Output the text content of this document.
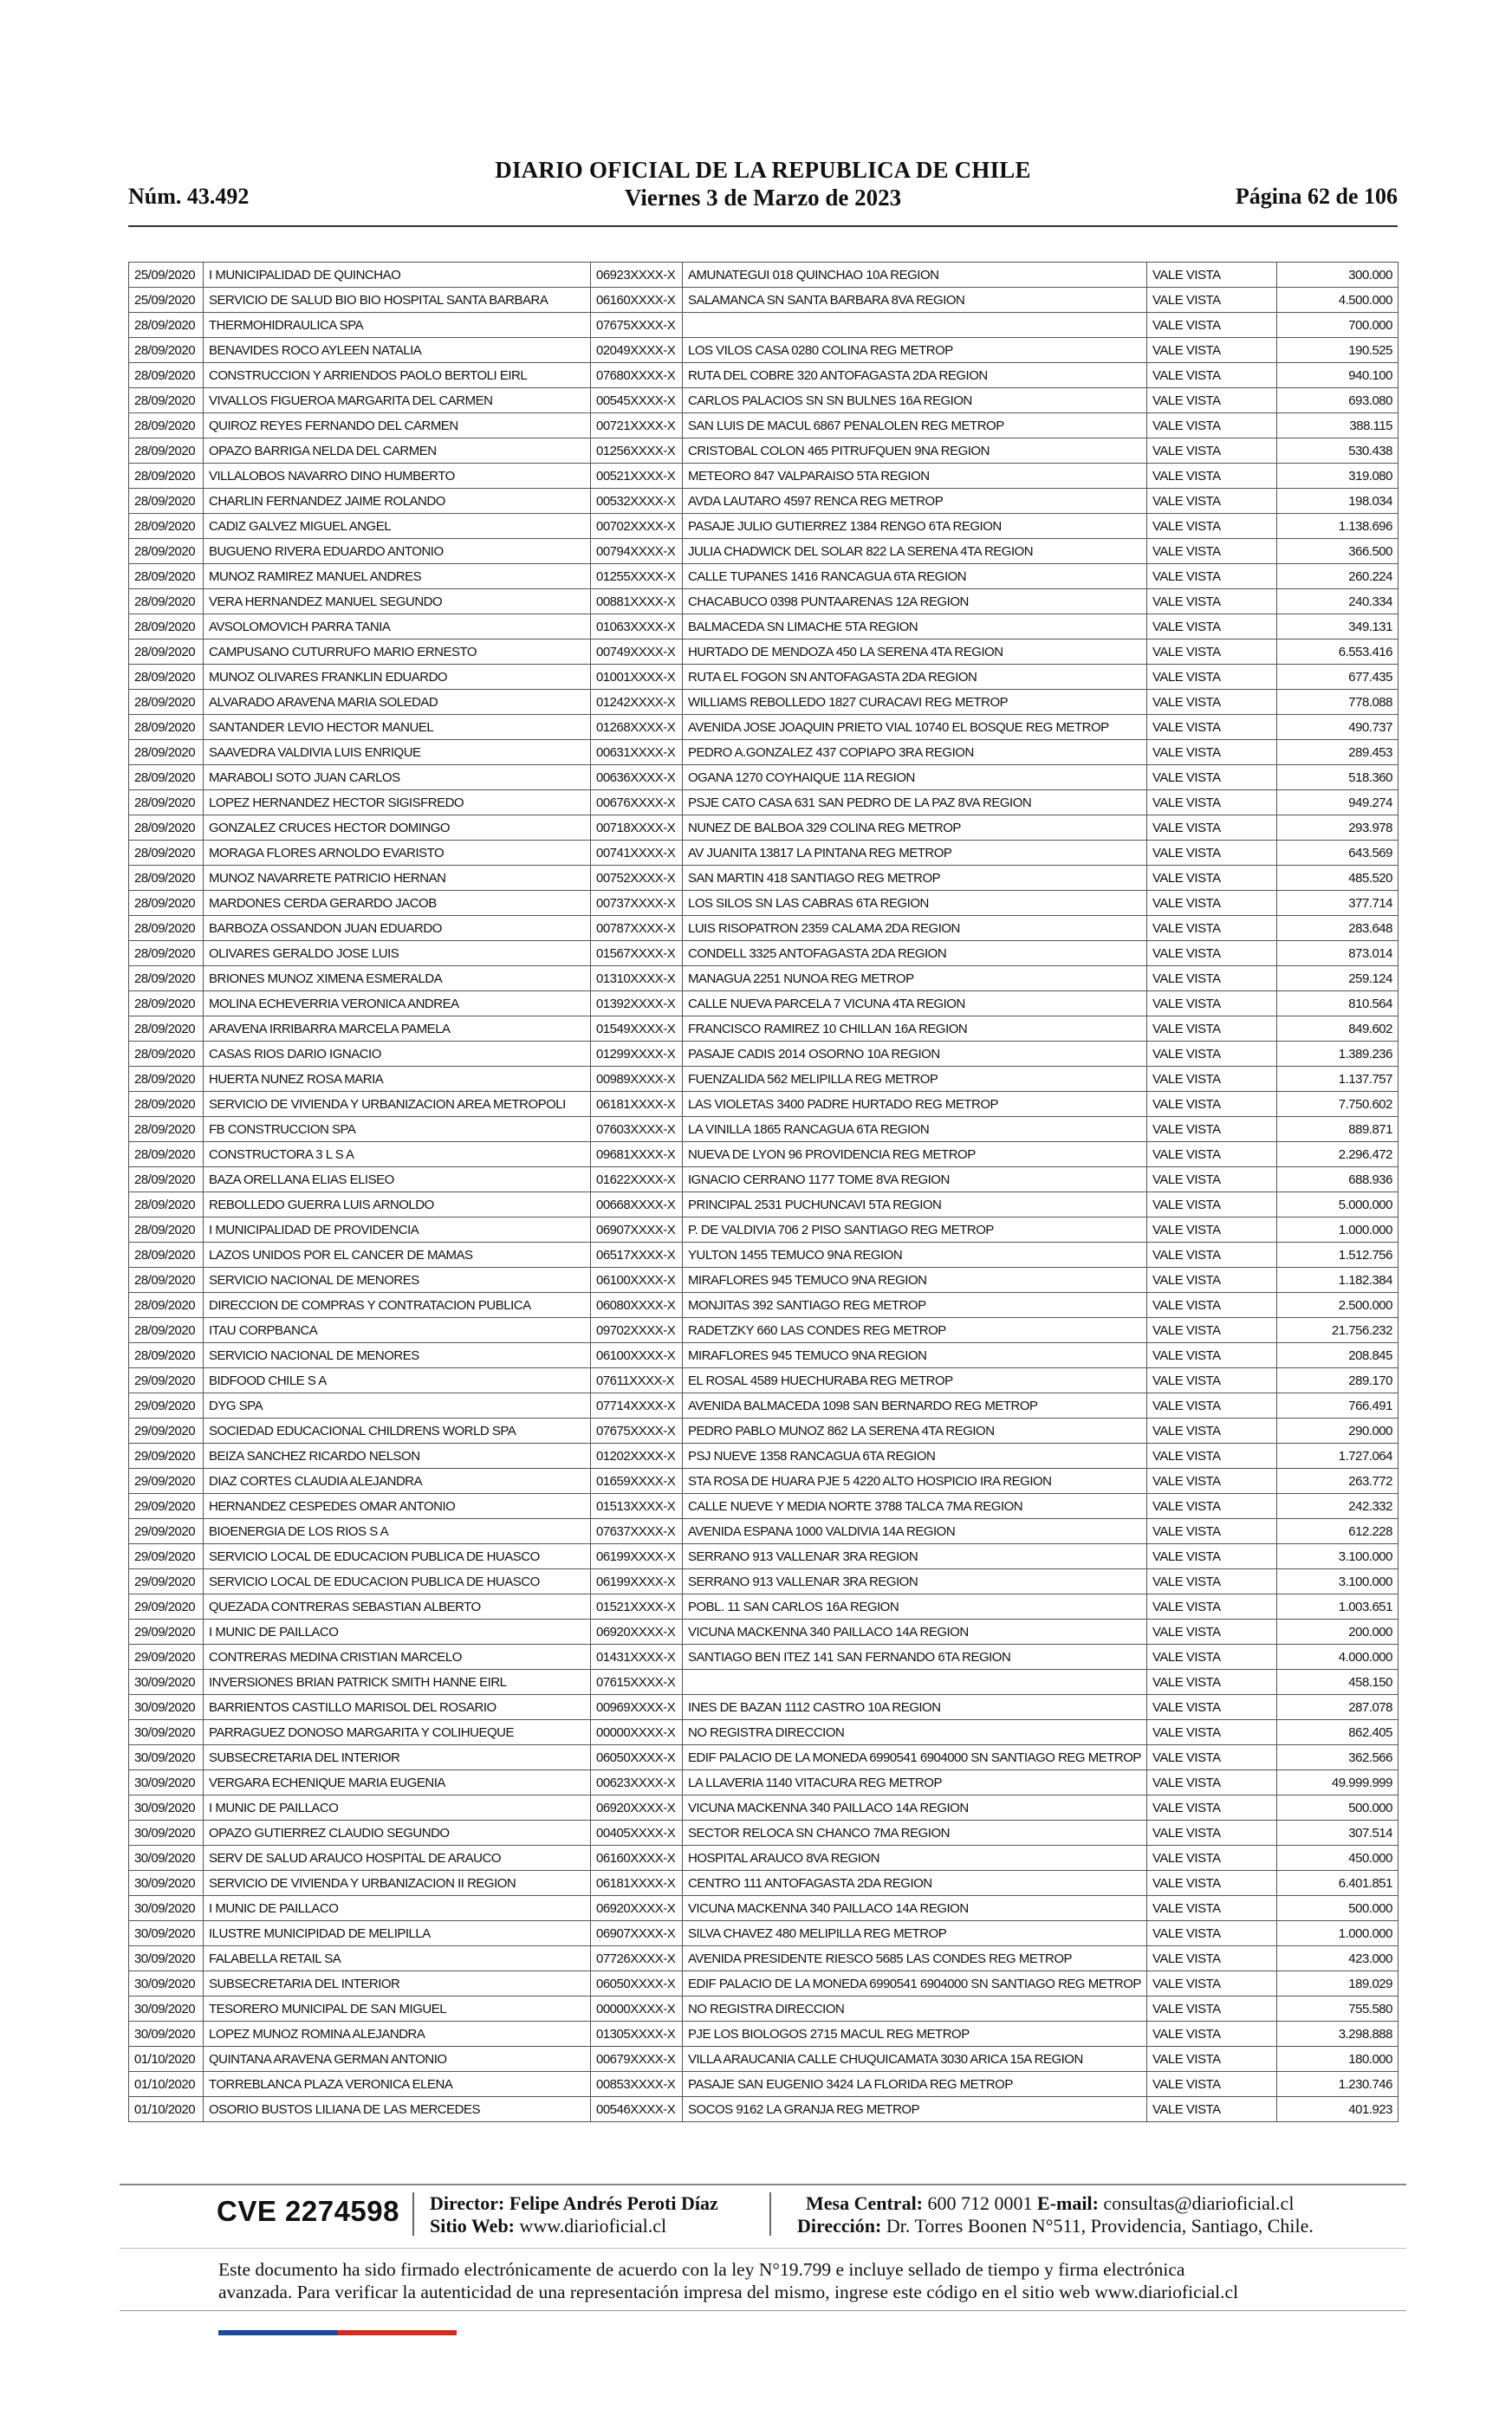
Núm. 43.492
DIARIO OFICIAL DE LA REPUBLICA DE CHILE
Viernes 3 de Marzo de 2023	Página 62 de 106
25/09/2020	I MUNICIPALIDAD DE QUINCHAO	06923XXXX-X	AMUNATEGUI 018 QUINCHAO 10A REGION	VALE VISTA	300.000
25/09/2020	SERVICIO DE SALUD BIO BIO HOSPITAL SANTA BARBARA	06160XXXX-X	SALAMANCA SN SANTA BARBARA 8VA REGION	VALE VISTA	4.500.000
28/09/2020	THERMOHIDRAULICA SPA	07675XXXX-X		VALE VISTA	700.000
28/09/2020	BENAVIDES ROCO AYLEEN NATALIA	02049XXXX-X	LOS VILOS CASA 0280 COLINA REG METROP	VALE VISTA	190.525
28/09/2020	CONSTRUCCION Y ARRIENDOS PAOLO BERTOLI EIRL	07680XXXX-X	RUTA DEL COBRE 320 ANTOFAGASTA 2DA REGION	VALE VISTA	940.100
28/09/2020	VIVALLOS FIGUEROA MARGARITA DEL CARMEN	00545XXXX-X	CARLOS PALACIOS SN SN BULNES 16A REGION	VALE VISTA	693.080
28/09/2020	QUIROZ REYES FERNANDO DEL CARMEN	00721XXXX-X	SAN LUIS DE MACUL 6867 PENALOLEN REG METROP	VALE VISTA	388.115
28/09/2020	OPAZO BARRIGA NELDA DEL CARMEN	01256XXXX-X	CRISTOBAL COLON 465 PITRUFQUEN 9NA REGION	VALE VISTA	530.438
28/09/2020	VILLALOBOS NAVARRO DINO HUMBERTO	00521XXXX-X	METEORO 847 VALPARAISO 5TA REGION	VALE VISTA	319.080
28/09/2020	CHARLIN FERNANDEZ JAIME ROLANDO	00532XXXX-X	AVDA LAUTARO 4597 RENCA REG METROP	VALE VISTA	198.034
28/09/2020	CADIZ GALVEZ MIGUEL ANGEL	00702XXXX-X	PASAJE JULIO GUTIERREZ 1384 RENGO 6TA REGION	VALE VISTA	1.138.696
28/09/2020	BUGUENO RIVERA EDUARDO ANTONIO	00794XXXX-X	JULIA CHADWICK DEL SOLAR 822 LA SERENA 4TA REGION	VALE VISTA	366.500
28/09/2020	MUNOZ RAMIREZ MANUEL ANDRES	01255XXXX-X	CALLE TUPANES 1416 RANCAGUA 6TA REGION	VALE VISTA	260.224
28/09/2020	VERA HERNANDEZ MANUEL SEGUNDO	00881XXXX-X	CHACABUCO 0398 PUNTAARENAS 12A REGION	VALE VISTA	240.334
28/09/2020	AVSOLOMOVICH PARRA TANIA	01063XXXX-X	BALMACEDA SN LIMACHE 5TA REGION	VALE VISTA	349.131
28/09/2020	CAMPUSANO CUTURRUFO MARIO ERNESTO	00749XXXX-X	HURTADO DE MENDOZA 450 LA SERENA 4TA REGION	VALE VISTA	6.553.416
28/09/2020	MUNOZ OLIVARES FRANKLIN EDUARDO	01001XXXX-X	RUTA EL FOGON SN ANTOFAGASTA 2DA REGION	VALE VISTA	677.435
28/09/2020	ALVARADO ARAVENA MARIA SOLEDAD	01242XXXX-X	WILLIAMS REBOLLEDO 1827 CURACAVI REG METROP	VALE VISTA	778.088
28/09/2020	SANTANDER LEVIO HECTOR MANUEL	01268XXXX-X	AVENIDA JOSE JOAQUIN PRIETO VIAL 10740 EL BOSQUE REG METROP	VALE VISTA	490.737
28/09/2020	SAAVEDRA VALDIVIA LUIS ENRIQUE	00631XXXX-X	PEDRO A.GONZALEZ 437 COPIAPO 3RA REGION	VALE VISTA	289.453
28/09/2020	MARABOLI SOTO JUAN CARLOS	00636XXXX-X	OGANA 1270 COYHAIQUE 11A REGION	VALE VISTA	518.360
28/09/2020	LOPEZ HERNANDEZ HECTOR SIGISFREDO	00676XXXX-X	PSJE CATO CASA 631 SAN PEDRO DE LA PAZ 8VA REGION	VALE VISTA	949.274
28/09/2020	GONZALEZ CRUCES HECTOR DOMINGO	00718XXXX-X	NUNEZ DE BALBOA 329 COLINA REG METROP	VALE VISTA	293.978
28/09/2020	MORAGA FLORES ARNOLDO EVARISTO	00741XXXX-X	AV JUANITA 13817 LA PINTANA REG METROP	VALE VISTA	643.569
28/09/2020	MUNOZ NAVARRETE PATRICIO HERNAN	00752XXXX-X	SAN MARTIN 418 SANTIAGO REG METROP	VALE VISTA	485.520
28/09/2020	MARDONES CERDA GERARDO JACOB	00737XXXX-X	LOS SILOS SN LAS CABRAS 6TA REGION	VALE VISTA	377.714
28/09/2020	BARBOZA OSSANDON JUAN EDUARDO	00787XXXX-X	LUIS RISOPATRON 2359 CALAMA 2DA REGION	VALE VISTA	283.648
28/09/2020	OLIVARES GERALDO JOSE LUIS	01567XXXX-X	CONDELL 3325 ANTOFAGASTA 2DA REGION	VALE VISTA	873.014
28/09/2020	BRIONES MUNOZ XIMENA ESMERALDA	01310XXXX-X	MANAGUA 2251 NUNOA REG METROP	VALE VISTA	259.124
28/09/2020	MOLINA ECHEVERRIA VERONICA ANDREA	01392XXXX-X	CALLE NUEVA PARCELA 7 VICUNA 4TA REGION	VALE VISTA	810.564
28/09/2020	ARAVENA IRRIBARRA MARCELA PAMELA	01549XXXX-X	FRANCISCO RAMIREZ 10 CHILLAN 16A REGION	VALE VISTA	849.602
28/09/2020	CASAS RIOS DARIO IGNACIO	01299XXXX-X	PASAJE CADIS 2014 OSORNO 10A REGION	VALE VISTA	1.389.236
28/09/2020	HUERTA NUNEZ ROSA MARIA	00989XXXX-X	FUENZALIDA 562 MELIPILLA REG METROP	VALE VISTA	1.137.757
28/09/2020	SERVICIO DE VIVIENDA Y URBANIZACION AREA METROPOLI	06181XXXX-X	LAS VIOLETAS 3400 PADRE HURTADO REG METROP	VALE VISTA	7.750.602
28/09/2020	FB CONSTRUCCION SPA	07603XXXX-X	LA VINILLA 1865 RANCAGUA 6TA REGION	VALE VISTA	889.871
28/09/2020	CONSTRUCTORA 3 L S A	09681XXXX-X	NUEVA DE LYON 96 PROVIDENCIA REG METROP	VALE VISTA	2.296.472
28/09/2020	BAZA ORELLANA ELIAS ELISEO	01622XXXX-X	IGNACIO CERRANO 1177 TOME 8VA REGION	VALE VISTA	688.936
28/09/2020	REBOLLEDO GUERRA LUIS ARNOLDO	00668XXXX-X	PRINCIPAL 2531 PUCHUNCAVI 5TA REGION	VALE VISTA	5.000.000
28/09/2020	I MUNICIPALIDAD DE PROVIDENCIA	06907XXXX-X	P. DE VALDIVIA 706 2 PISO SANTIAGO REG METROP	VALE VISTA	1.000.000
28/09/2020	LAZOS UNIDOS POR EL CANCER DE MAMAS	06517XXXX-X	YULTON 1455 TEMUCO 9NA REGION	VALE VISTA	1.512.756
28/09/2020	SERVICIO NACIONAL DE MENORES	06100XXXX-X	MIRAFLORES 945 TEMUCO 9NA REGION	VALE VISTA	1.182.384
28/09/2020	DIRECCION DE COMPRAS Y CONTRATACION PUBLICA	06080XXXX-X	MONJITAS 392 SANTIAGO REG METROP	VALE VISTA	2.500.000
28/09/2020	ITAU CORPBANCA	09702XXXX-X	RADETZKY 660 LAS CONDES REG METROP	VALE VISTA	21.756.232
28/09/2020	SERVICIO NACIONAL DE MENORES	06100XXXX-X	MIRAFLORES 945 TEMUCO 9NA REGION	VALE VISTA	208.845
29/09/2020	BIDFOOD CHILE S A	07611XXXX-X	EL ROSAL 4589 HUECHURABA REG METROP	VALE VISTA	289.170
29/09/2020	DYG SPA	07714XXXX-X	AVENIDA BALMACEDA 1098 SAN BERNARDO REG METROP	VALE VISTA	766.491
29/09/2020	SOCIEDAD EDUCACIONAL CHILDRENS WORLD SPA	07675XXXX-X	PEDRO PABLO MUNOZ 862 LA SERENA 4TA REGION	VALE VISTA	290.000
29/09/2020	BEIZA SANCHEZ RICARDO NELSON	01202XXXX-X	PSJ NUEVE 1358 RANCAGUA 6TA REGION	VALE VISTA	1.727.064
29/09/2020	DIAZ CORTES CLAUDIA ALEJANDRA	01659XXXX-X	STA ROSA DE HUARA PJE 5 4220 ALTO HOSPICIO IRA REGION	VALE VISTA	263.772
29/09/2020	HERNANDEZ CESPEDES OMAR ANTONIO	01513XXXX-X	CALLE NUEVE Y MEDIA NORTE 3788 TALCA 7MA REGION	VALE VISTA	242.332
29/09/2020	BIOENERGIA DE LOS RIOS S A	07637XXXX-X	AVENIDA ESPANA 1000 VALDIVIA 14A REGION	VALE VISTA	612.228
29/09/2020	SERVICIO LOCAL DE EDUCACION PUBLICA DE HUASCO	06199XXXX-X	SERRANO 913 VALLENAR 3RA REGION	VALE VISTA	3.100.000
29/09/2020	SERVICIO LOCAL DE EDUCACION PUBLICA DE HUASCO	06199XXXX-X	SERRANO 913 VALLENAR 3RA REGION	VALE VISTA	3.100.000
29/09/2020	QUEZADA CONTRERAS SEBASTIAN ALBERTO	01521XXXX-X	POBL. 11 SAN CARLOS 16A REGION	VALE VISTA	1.003.651
29/09/2020	I MUNIC DE PAILLACO	06920XXXX-X	VICUNA MACKENNA 340 PAILLACO 14A REGION	VALE VISTA	200.000
29/09/2020	CONTRERAS MEDINA CRISTIAN MARCELO	01431XXXX-X	SANTIAGO BEN ITEZ 141 SAN FERNANDO 6TA REGION	VALE VISTA	4.000.000
30/09/2020	INVERSIONES BRIAN PATRICK SMITH HANNE EIRL	07615XXXX-X		VALE VISTA	458.150
30/09/2020	BARRIENTOS CASTILLO MARISOL DEL ROSARIO	00969XXXX-X	INES DE BAZAN 1112 CASTRO 10A REGION	VALE VISTA	287.078
30/09/2020	PARRAGUEZ DONOSO MARGARITA Y COLIHUEQUE	00000XXXX-X	NO REGISTRA DIRECCION	VALE VISTA	862.405
30/09/2020	SUBSECRETARIA DEL INTERIOR	06050XXXX-X	EDIF PALACIO DE LA MONEDA 6990541 6904000 SN SANTIAGO REG METROP	VALE VISTA	362.566
30/09/2020	VERGARA ECHENIQUE MARIA EUGENIA	00623XXXX-X	LA LLAVERIA 1140 VITACURA REG METROP	VALE VISTA	49.999.999
30/09/2020	I MUNIC DE PAILLACO	06920XXXX-X	VICUNA MACKENNA 340 PAILLACO 14A REGION	VALE VISTA	500.000
30/09/2020	OPAZO GUTIERREZ CLAUDIO SEGUNDO	00405XXXX-X	SECTOR RELOCA SN CHANCO 7MA REGION	VALE VISTA	307.514
30/09/2020	SERV DE SALUD ARAUCO HOSPITAL DE ARAUCO	06160XXXX-X	HOSPITAL ARAUCO 8VA REGION	VALE VISTA	450.000
30/09/2020	SERVICIO DE VIVIENDA Y URBANIZACION II REGION	06181XXXX-X	CENTRO 111 ANTOFAGASTA 2DA REGION	VALE VISTA	6.401.851
30/09/2020	I MUNIC DE PAILLACO	06920XXXX-X	VICUNA MACKENNA 340 PAILLACO 14A REGION	VALE VISTA	500.000
30/09/2020	ILUSTRE MUNICIPIDAD DE MELIPILLA	06907XXXX-X	SILVA CHAVEZ 480 MELIPILLA REG METROP	VALE VISTA	1.000.000
30/09/2020	FALABELLA RETAIL SA	07726XXXX-X	AVENIDA PRESIDENTE RIESCO 5685 LAS CONDES REG METROP	VALE VISTA	423.000
30/09/2020	SUBSECRETARIA DEL INTERIOR	06050XXXX-X	EDIF PALACIO DE LA MONEDA 6990541 6904000 SN SANTIAGO REG METROP	VALE VISTA	189.029
30/09/2020	TESORERO MUNICIPAL DE SAN MIGUEL	00000XXXX-X	NO REGISTRA DIRECCION	VALE VISTA	755.580
30/09/2020	LOPEZ MUNOZ ROMINA ALEJANDRA	01305XXXX-X	PJE LOS BIOLOGOS 2715 MACUL REG METROP	VALE VISTA	3.298.888
01/10/2020	QUINTANA ARAVENA GERMAN ANTONIO	00679XXXX-X	VILLA ARAUCANIA CALLE CHUQUICAMATA 3030 ARICA 15A REGION	VALE VISTA	180.000
01/10/2020	TORREBLANCA PLAZA VERONICA ELENA	00853XXXX-X	PASAJE SAN EUGENIO 3424 LA FLORIDA REG METROP	VALE VISTA	1.230.746
01/10/2020	OSORIO BUSTOS LILIANA DE LAS MERCEDES	00546XXXX-X	SOCOS 9162 LA GRANJA REG METROP	VALE VISTA	401.923
CVE 2274598 Director: Felipe Andrés Peroti Díaz
Sitio Web: www.diarioficial.cl
Mesa Central: 600 712 0001 E-mail: consultas@diarioficial.cl
Dirección: Dr. Torres Boonen N°511, Providencia, Santiago, Chile.
Este documento ha sido firmado electrónicamente de acuerdo con la ley N°19.799 e incluye sellado de tiempo y firma electrónica
avanzada. Para verificar la autenticidad de una representación impresa del mismo, ingrese este código en el sitio web www.diarioficial.cl
